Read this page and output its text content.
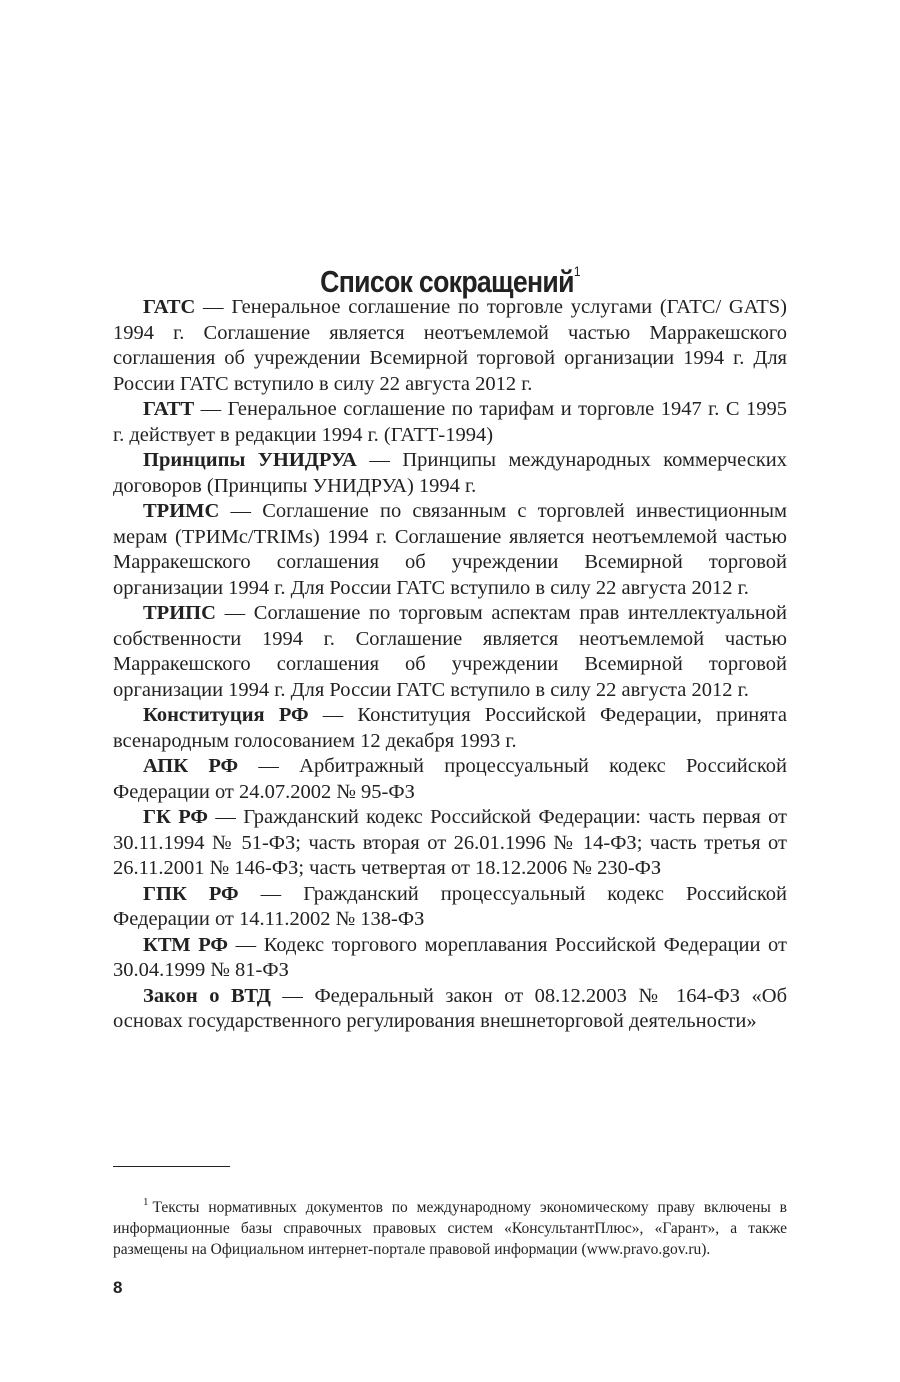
Список сокращений$^1$

ГАТС — Генеральное соглашение по торговле услугами (ГАТС/ GATS) 1994 г. Соглашение является неотъемлемой частью Марракешского соглашения об учреждении Всемирной торговой организации 1994 г. Для России ГАТС вступило в силу 22 августа 2012 г.

ГАТТ — Генеральное соглашение по тарифам и торговле 1947 г. С 1995 г. действует в редакции 1994 г. (ГАТТ-1994)

Принципы УНИДРУА — Принципы международных коммерческих договоров (Принципы УНИДРУА) 1994 г.

ТРИМС — Соглашение по связанным с торговлей инвестиционным мерам (ТРИМс/TRIMs) 1994 г. Соглашение является неотъемлемой частью Марракешского соглашения об учреждении Всемирной торговой организации 1994 г. Для России ГАТС вступило в силу 22 августа 2012 г.

ТРИПС — Соглашение по торговым аспектам прав интеллектуальной собственности 1994 г. Соглашение является неотъемлемой частью Марракешского соглашения об учреждении Всемирной торговой организации 1994 г. Для России ГАТС вступило в силу 22 августа 2012 г.

Конституция РФ — Конституция Российской Федерации, принята всенародным голосованием 12 декабря 1993 г.

АПК РФ — Арбитражный процессуальный кодекс Российской Федерации от 24.07.2002 № 95-ФЗ

ГК РФ — Гражданский кодекс Российской Федерации: часть первая от 30.11.1994 № 51-ФЗ; часть вторая от 26.01.1996 № 14-ФЗ; часть третья от 26.11.2001 № 146-ФЗ; часть четвертая от 18.12.2006 № 230-ФЗ

ГПК РФ — Гражданский процессуальный кодекс Российской Федерации от 14.11.2002 № 138-ФЗ

КТМ РФ — Кодекс торгового мореплавания Российской Федерации от 30.04.1999 № 81-ФЗ

Закон о ВТД — Федеральный закон от 08.12.2003 № 164-ФЗ «Об основах государственного регулирования внешнеторговой деятельности»

$^1$ Тексты нормативных документов по международному экономическому праву включены в информационные базы справочных правовых систем «КонсультантПлюс», «Гарант», а также размещены на Официальном интернет-портале правовой информации (www.pravo.gov.ru).

8
